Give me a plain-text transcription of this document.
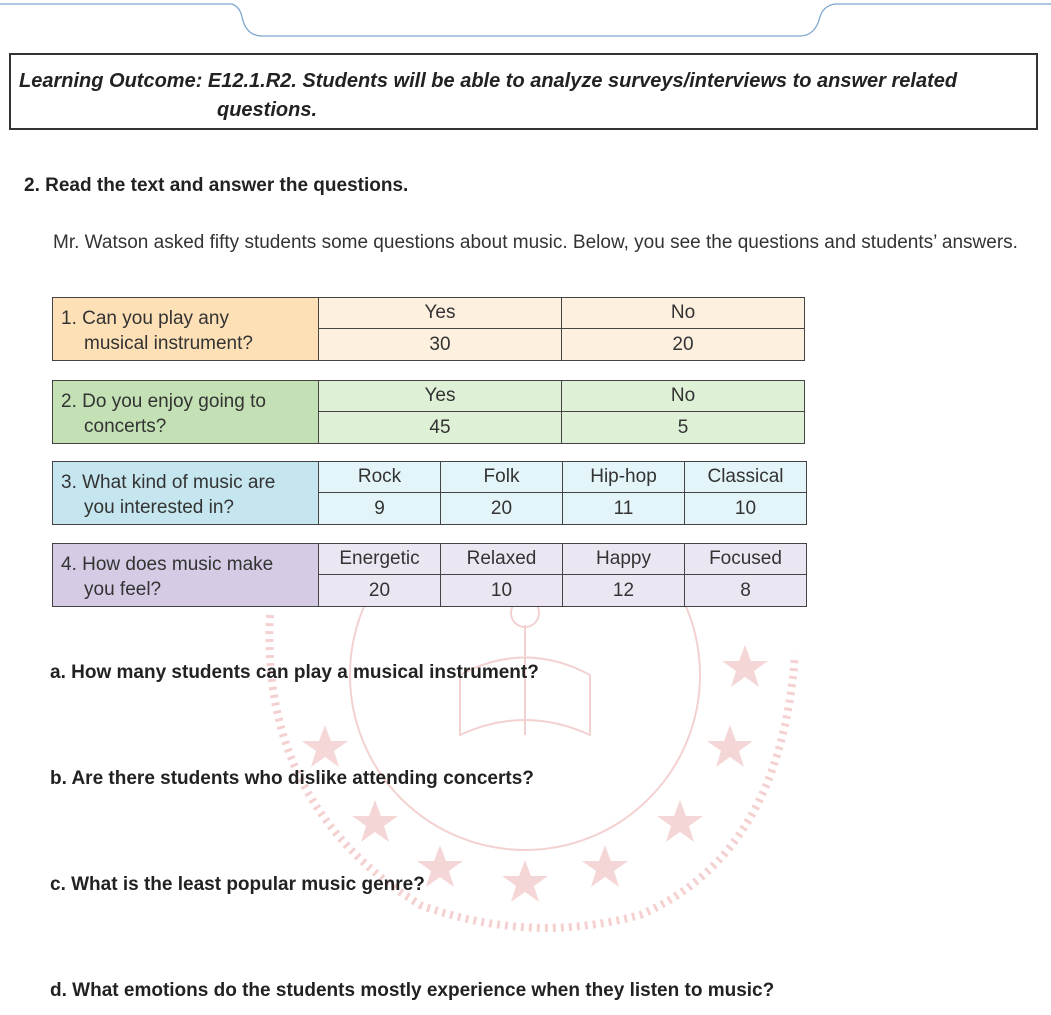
Learning Outcome: E12.1.R2. Students will be able to analyze surveys/interviews to answer related
questions.
2. Read the text and answer the questions.
Mr. Watson asked fifty students some questions about music. Below, you see the questions and students’ answers.
1. Can you play any
musical instrument?	Yes	No
	30	20
2. Do you enjoy going to
concerts?	Yes	No
	45	5
3. What kind of music are
you interested in?	Rock	Folk	Hip-hop	Classical
	9	20	11	10
4. How does music make
you feel?	Energetic	Relaxed	Happy	Focused
	20	10	12	8
a. How many students can play a musical instrument?
b. Are there students who dislike attending concerts?
c. What is the least popular music genre?
d. What emotions do the students mostly experience when they listen to music?
